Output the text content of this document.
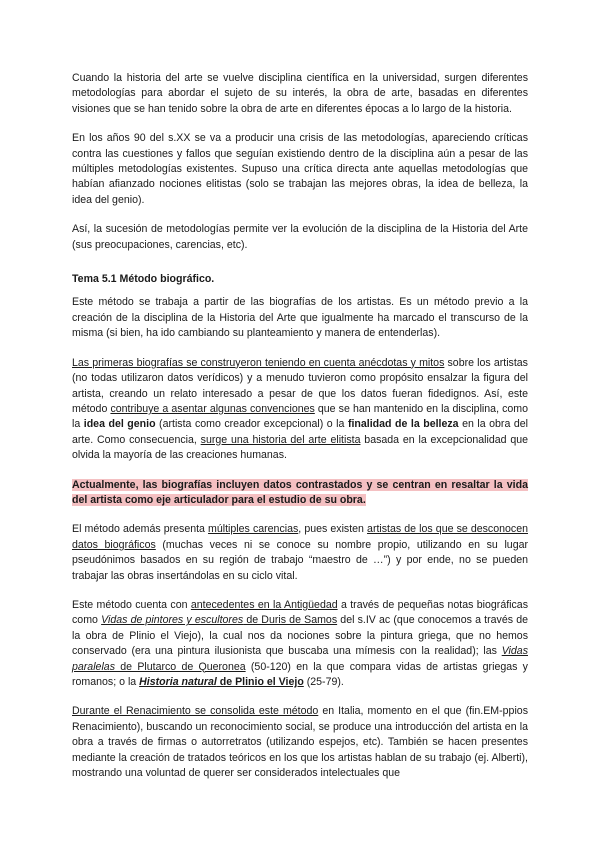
Cuando la historia del arte se vuelve disciplina científica en la universidad, surgen diferentes metodologías para abordar el sujeto de su interés, la obra de arte, basadas en diferentes visiones que se han tenido sobre la obra de arte en diferentes épocas a lo largo de la historia.

En los años 90 del s.XX se va a producir una crisis de las metodologías, apareciendo críticas contra las cuestiones y fallos que seguían existiendo dentro de la disciplina aún a pesar de las múltiples metodologías existentes. Supuso una crítica directa ante aquellas metodologías que habían afianzado nociones elitistas (solo se trabajan las mejores obras, la idea de belleza, la idea del genio).

Así, la sucesión de metodologías permite ver la evolución de la disciplina de la Historia del Arte (sus preocupaciones, carencias, etc).

Tema 5.1 Método biográfico.

Este método se trabaja a partir de las biografías de los artistas. Es un método previo a la creación de la disciplina de la Historia del Arte que igualmente ha marcado el transcurso de la misma (si bien, ha ido cambiando su planteamiento y manera de entenderlas).

Las primeras biografías se construyeron teniendo en cuenta anécdotas y mitos sobre los artistas (no todas utilizaron datos verídicos) y a menudo tuvieron como propósito ensalzar la figura del artista, creando un relato interesado a pesar de que los datos fueran fidedignos. Así, este método contribuye a asentar algunas convenciones que se han mantenido en la disciplina, como la idea del genio (artista como creador excepcional) o la finalidad de la belleza en la obra del arte. Como consecuencia, surge una historia del arte elitista basada en la excepcionalidad que olvida la mayoría de las creaciones humanas.

Actualmente, las biografías incluyen datos contrastados y se centran en resaltar la vida del artista como eje articulador para el estudio de su obra.

El método además presenta múltiples carencias, pues existen artistas de los que se desconocen datos biográficos (muchas veces ni se conoce su nombre propio, utilizando en su lugar pseudónimos basados en su región de trabajo “maestro de …”) y por ende, no se pueden trabajar las obras insertándolas en su ciclo vital.

Este método cuenta con antecedentes en la Antigüedad a través de pequeñas notas biográficas como Vidas de pintores y escultores de Duris de Samos del s.IV ac (que conocemos a través de la obra de Plinio el Viejo), la cual nos da nociones sobre la pintura griega, que no hemos conservado (era una pintura ilusionista que buscaba una mímesis con la realidad); las Vidas paralelas de Plutarco de Queronea (50-120) en la que compara vidas de artistas griegas y romanos; o la Historia natural de Plinio el Viejo (25-79).

Durante el Renacimiento se consolida este método en Italia, momento en el que (fin.EM-ppios Renacimiento), buscando un reconocimiento social, se produce una introducción del artista en la obra a través de firmas o autorretratos (utilizando espejos, etc). También se hacen presentes mediante la creación de tratados teóricos en los que los artistas hablan de su trabajo (ej. Alberti), mostrando una voluntad de querer ser considerados intelectuales que
